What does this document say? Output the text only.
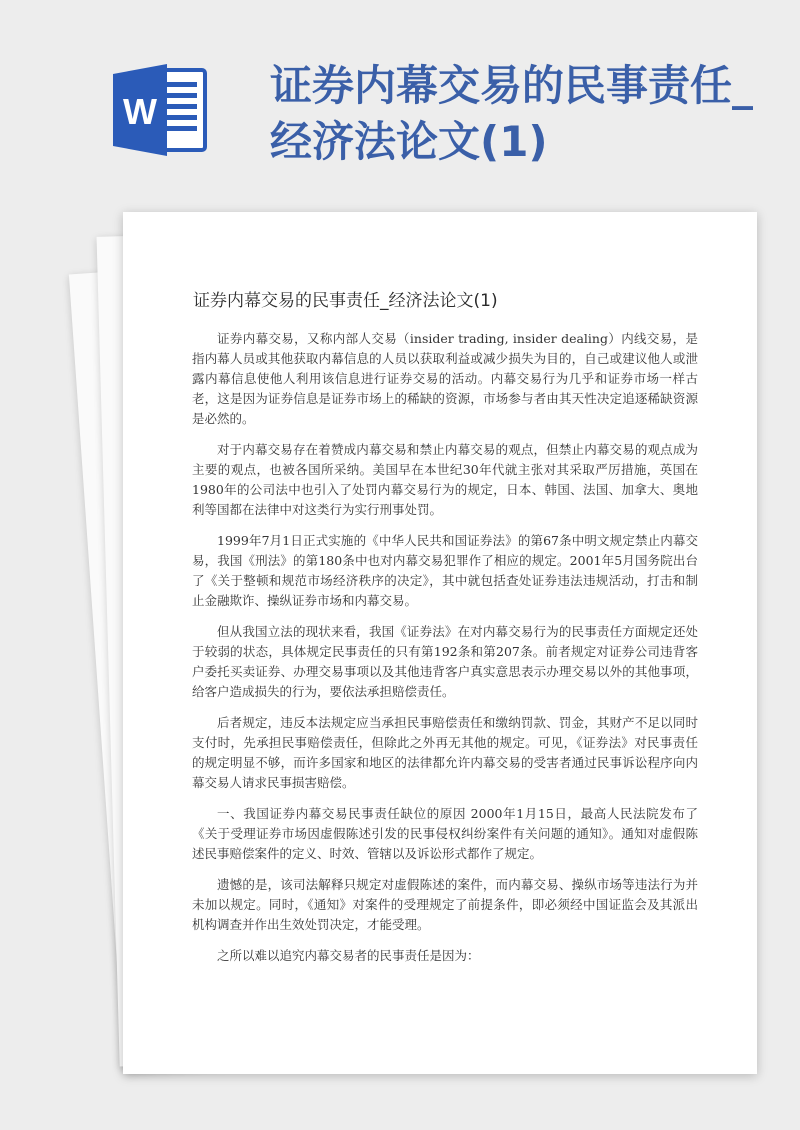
W
证券内幕交易的民事责任_经济法论文(1)
证券内幕交易的民事责任_经济法论文(1)

证券内幕交易，又称内部人交易（insider trading, insider dealing）内线交易，是指内幕人员或其他获取内幕信息的人员以获取利益或减少损失为目的，自己或建议他人或泄露内幕信息使他人利用该信息进行证券交易的活动。内幕交易行为几乎和证券市场一样古老，这是因为证券信息是证券市场上的稀缺的资源，市场参与者由其天性决定追逐稀缺资源是必然的。

对于内幕交易存在着赞成内幕交易和禁止内幕交易的观点，但禁止内幕交易的观点成为主要的观点，也被各国所采纳。美国早在本世纪30年代就主张对其采取严厉措施，英国在1980年的公司法中也引入了处罚内幕交易行为的规定，日本、韩国、法国、加拿大、奥地利等国都在法律中对这类行为实行刑事处罚。

1999年7月1日正式实施的《中华人民共和国证券法》的第67条中明文规定禁止内幕交易，我国《刑法》的第180条中也对内幕交易犯罪作了相应的规定。2001年5月国务院出台了《关于整顿和规范市场经济秩序的决定》，其中就包括查处证券违法违规活动，打击和制止金融欺诈、操纵证券市场和内幕交易。

但从我国立法的现状来看，我国《证券法》在对内幕交易行为的民事责任方面规定还处于较弱的状态，具体规定民事责任的只有第192条和第207条。前者规定对证券公司违背客户委托买卖证券、办理交易事项以及其他违背客户真实意思表示办理交易以外的其他事项，给客户造成损失的行为，要依法承担赔偿责任。

后者规定，违反本法规定应当承担民事赔偿责任和缴纳罚款、罚金，其财产不足以同时支付时，先承担民事赔偿责任，但除此之外再无其他的规定。可见，《证券法》对民事责任的规定明显不够，而许多国家和地区的法律都允许内幕交易的受害者通过民事诉讼程序向内幕交易人请求民事损害赔偿。

一、我国证券内幕交易民事责任缺位的原因 2000年1月15日，最高人民法院发布了《关于受理证券市场因虚假陈述引发的民事侵权纠纷案件有关问题的通知》。通知对虚假陈述民事赔偿案件的定义、时效、管辖以及诉讼形式都作了规定。

遗憾的是，该司法解释只规定对虚假陈述的案件，而内幕交易、操纵市场等违法行为并未加以规定。同时，《通知》对案件的受理规定了前提条件，即必须经中国证监会及其派出机构调查并作出生效处罚决定，才能受理。

之所以难以追究内幕交易者的民事责任是因为：
